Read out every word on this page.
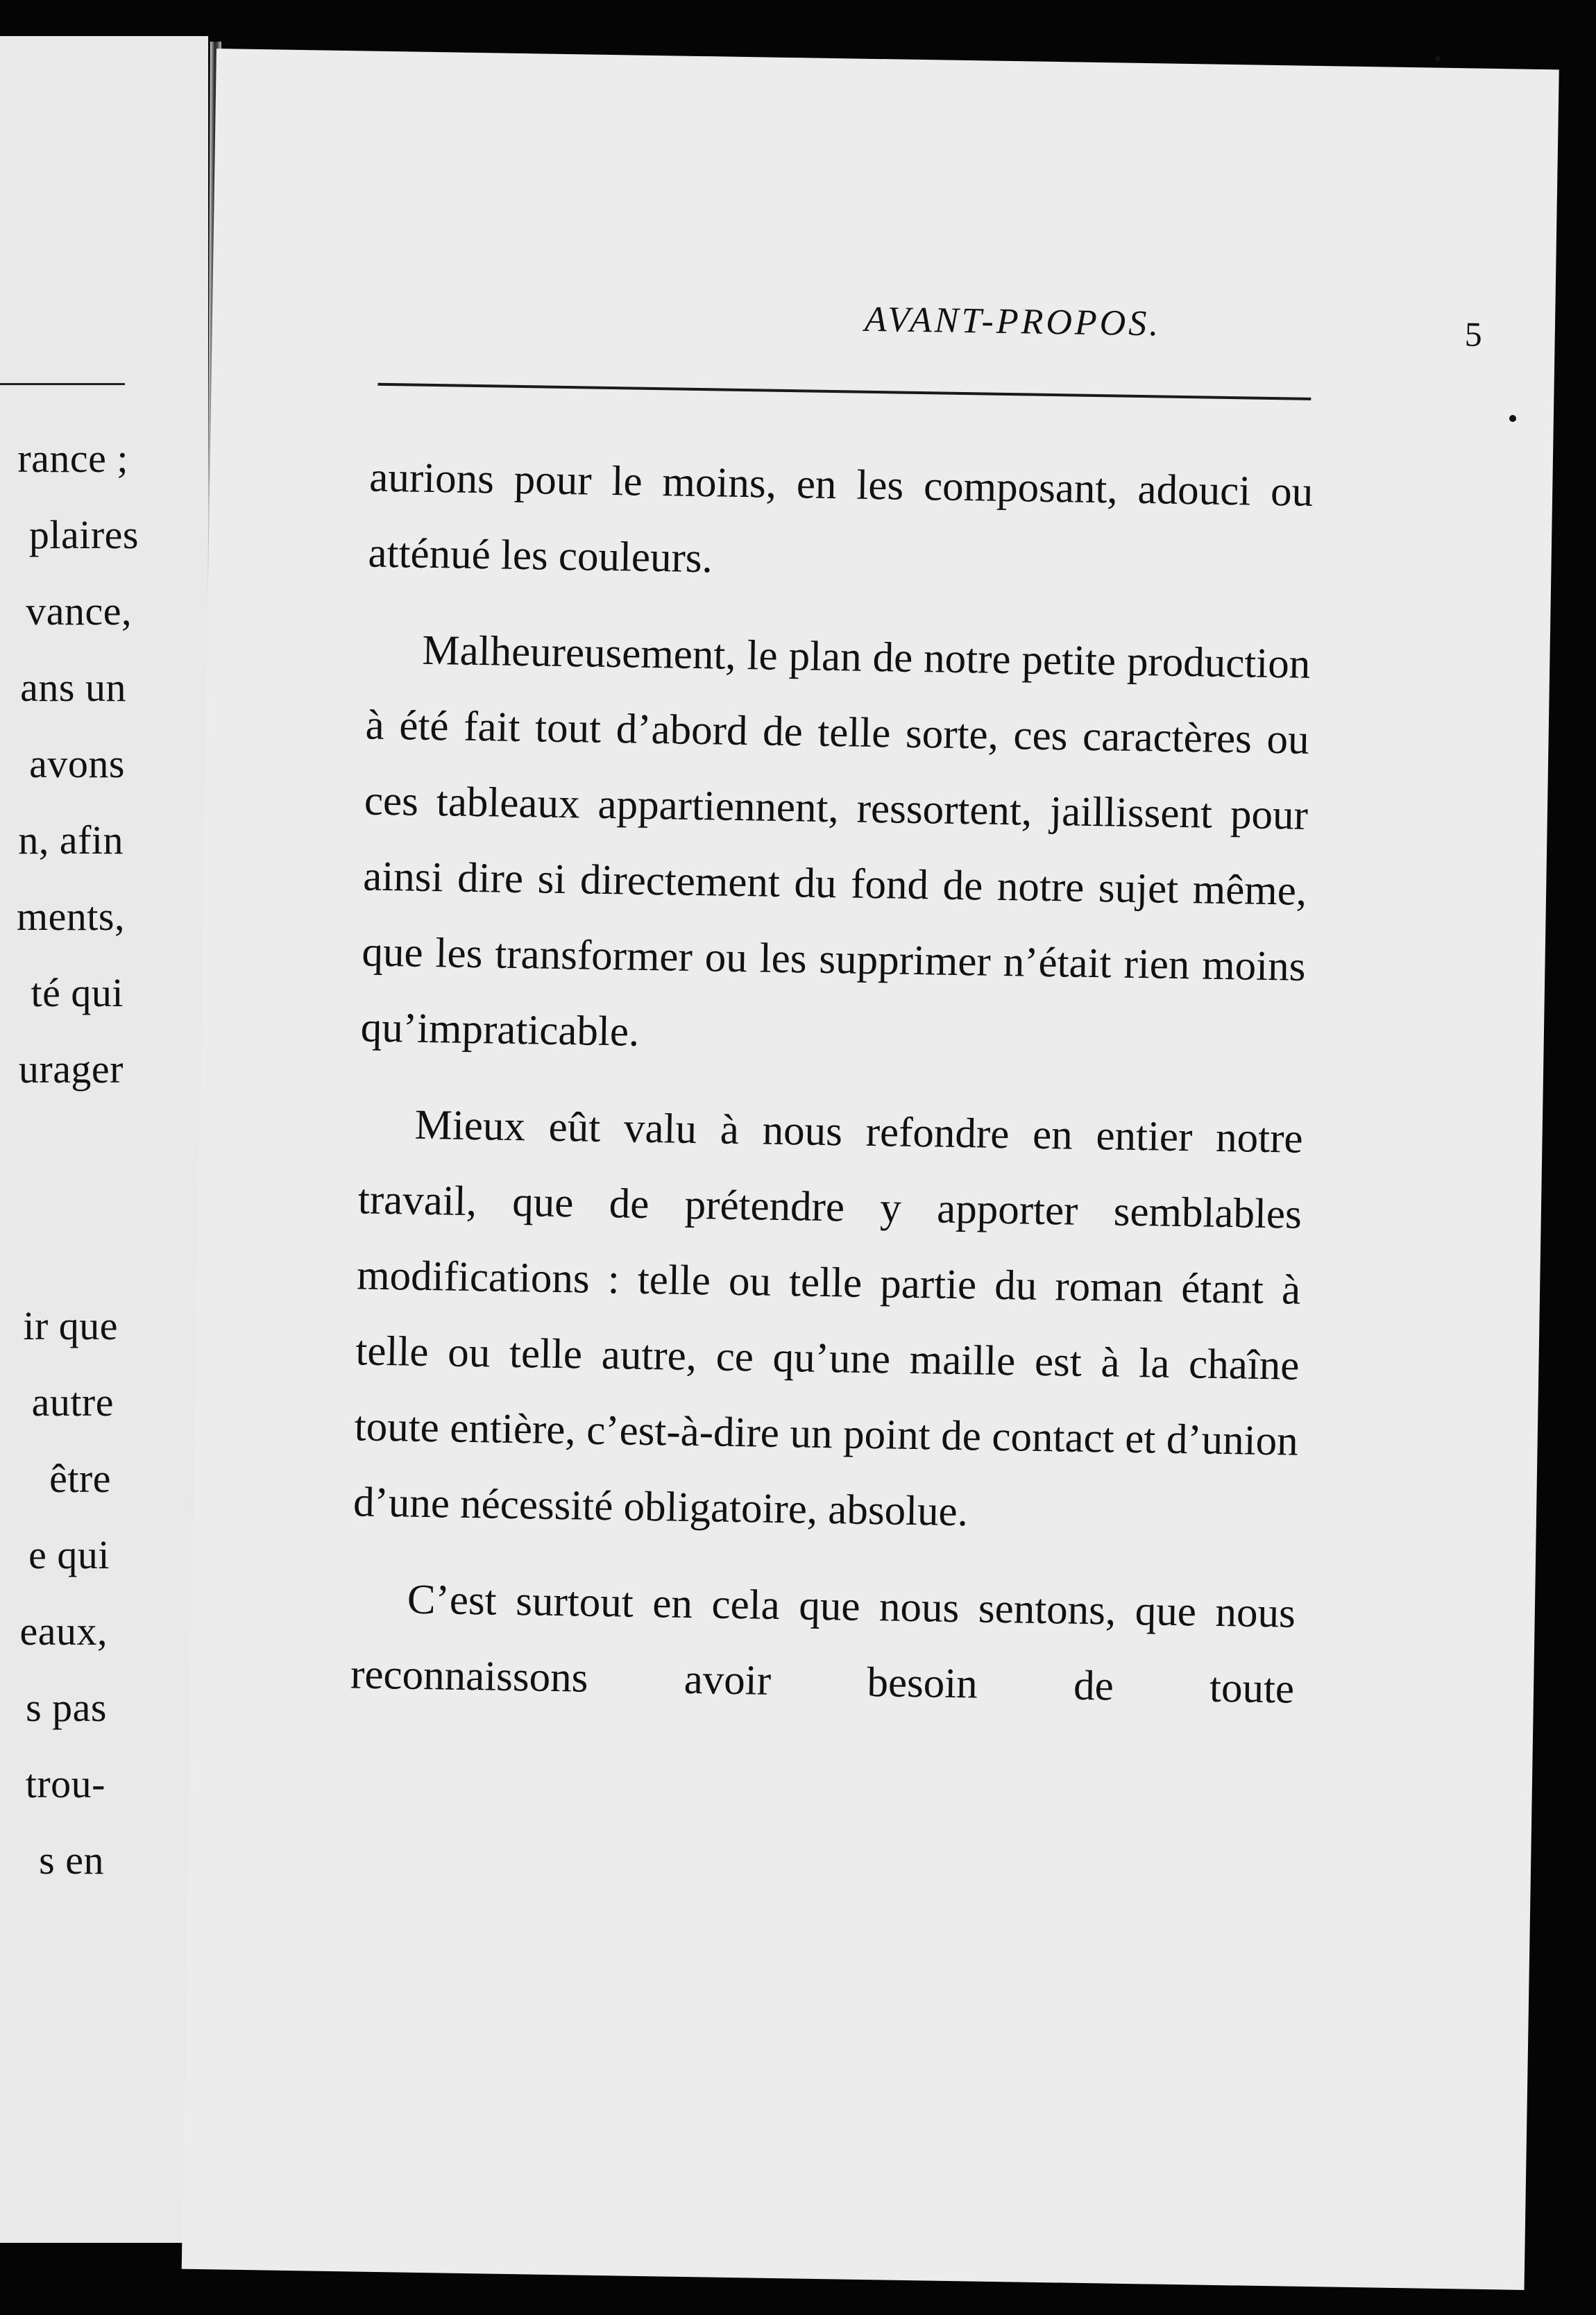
rance ;
plaires
vance,
ans un
avons
n, afin
ments,
té qui
urager
ir que
autre
être
e qui
eaux,
s pas
trou-
s en
AVANT-PROPOS.	5

aurions pour le moins, en les composant, adouci ou atténué les couleurs.

Malheureusement, le plan de notre petite production à été fait tout d’abord de telle sorte, ces caractères ou ces tableaux appartiennent, ressortent, jaillissent pour ainsi dire si directement du fond de notre sujet même, que les transformer ou les supprimer n’était rien moins qu’impraticable.

Mieux eût valu à nous refondre en entier notre travail, que de prétendre y apporter semblables modifications : telle ou telle partie du roman étant à telle ou telle autre, ce qu’une maille est à la chaîne toute entière, c’est-à-dire un point de contact et d’union d’une nécessité obligatoire, absolue.

C’est surtout en cela que nous sentons, que nous reconnaissons avoir besoin de toute
